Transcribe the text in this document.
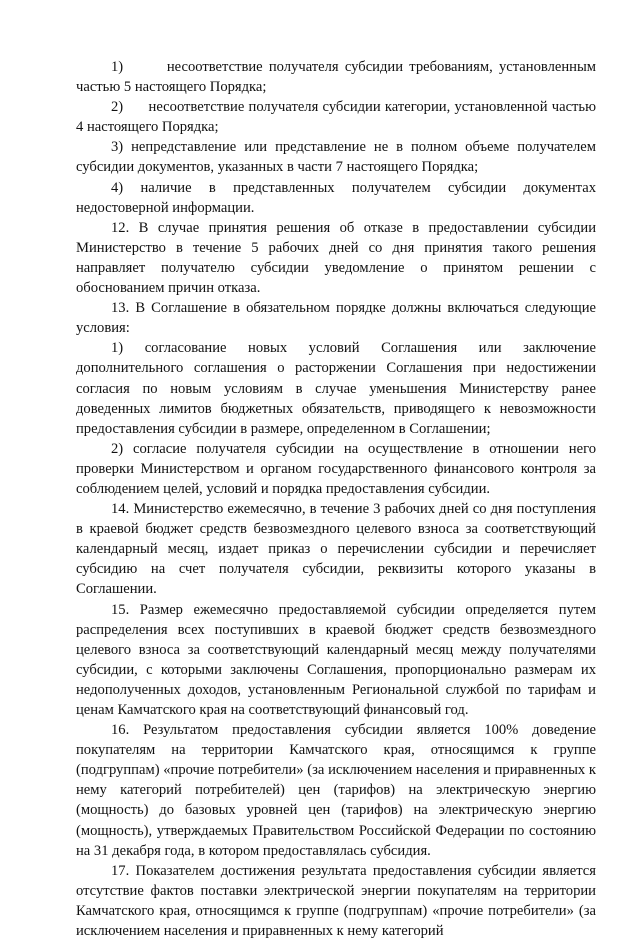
1)       несоответствие получателя субсидии требованиям, установленным частью 5 настоящего Порядка;

2)      несоответствие получателя субсидии категории, установленной частью 4 настоящего Порядка;

3) непредставление или представление не в полном объеме получателем субсидии документов, указанных в части 7 настоящего Порядка;

4) наличие в представленных получателем субсидии документах недостоверной информации.

12. В случае принятия решения об отказе в предоставлении субсидии Министерство в течение 5 рабочих дней со дня принятия такого решения направляет получателю субсидии уведомление о принятом решении с обоснованием причин отказа.

13. В Соглашение в обязательном порядке должны включаться следующие условия:

1) согласование новых условий Соглашения или заключение дополнительного соглашения о расторжении Соглашения при недостижении согласия по новым условиям в случае уменьшения Министерству ранее доведенных лимитов бюджетных обязательств, приводящего к невозможности предоставления субсидии в размере, определенном в Соглашении;

2) согласие получателя субсидии на осуществление в отношении него проверки Министерством и органом государственного финансового контроля за соблюдением целей, условий и порядка предоставления субсидии.

14. Министерство ежемесячно, в течение 3 рабочих дней со дня поступления в краевой бюджет средств безвозмездного целевого взноса за соответствующий календарный месяц, издает приказ о перечислении субсидии и перечисляет субсидию на счет получателя субсидии, реквизиты которого указаны в Соглашении.

15. Размер ежемесячно предоставляемой субсидии определяется путем распределения всех поступивших в краевой бюджет средств безвозмездного целевого взноса за соответствующий календарный месяц между получателями субсидии, с которыми заключены Соглашения, пропорционально размерам их недополученных доходов, установленным Региональной службой по тарифам и ценам Камчатского края на соответствующий финансовый год.

16. Результатом предоставления субсидии является 100% доведение покупателям на территории Камчатского края, относящимся к группе (подгруппам) «прочие потребители» (за исключением населения и приравненных к нему категорий потребителей) цен (тарифов) на электрическую энергию (мощность) до базовых уровней цен (тарифов) на электрическую энергию (мощность), утверждаемых Правительством Российской Федерации по состоянию на 31 декабря года, в котором предоставлялась субсидия.

17. Показателем достижения результата предоставления субсидии является отсутствие фактов поставки электрической энергии покупателям на территории Камчатского края, относящимся к группе (подгруппам) «прочие потребители» (за исключением населения и приравненных к нему категорий
